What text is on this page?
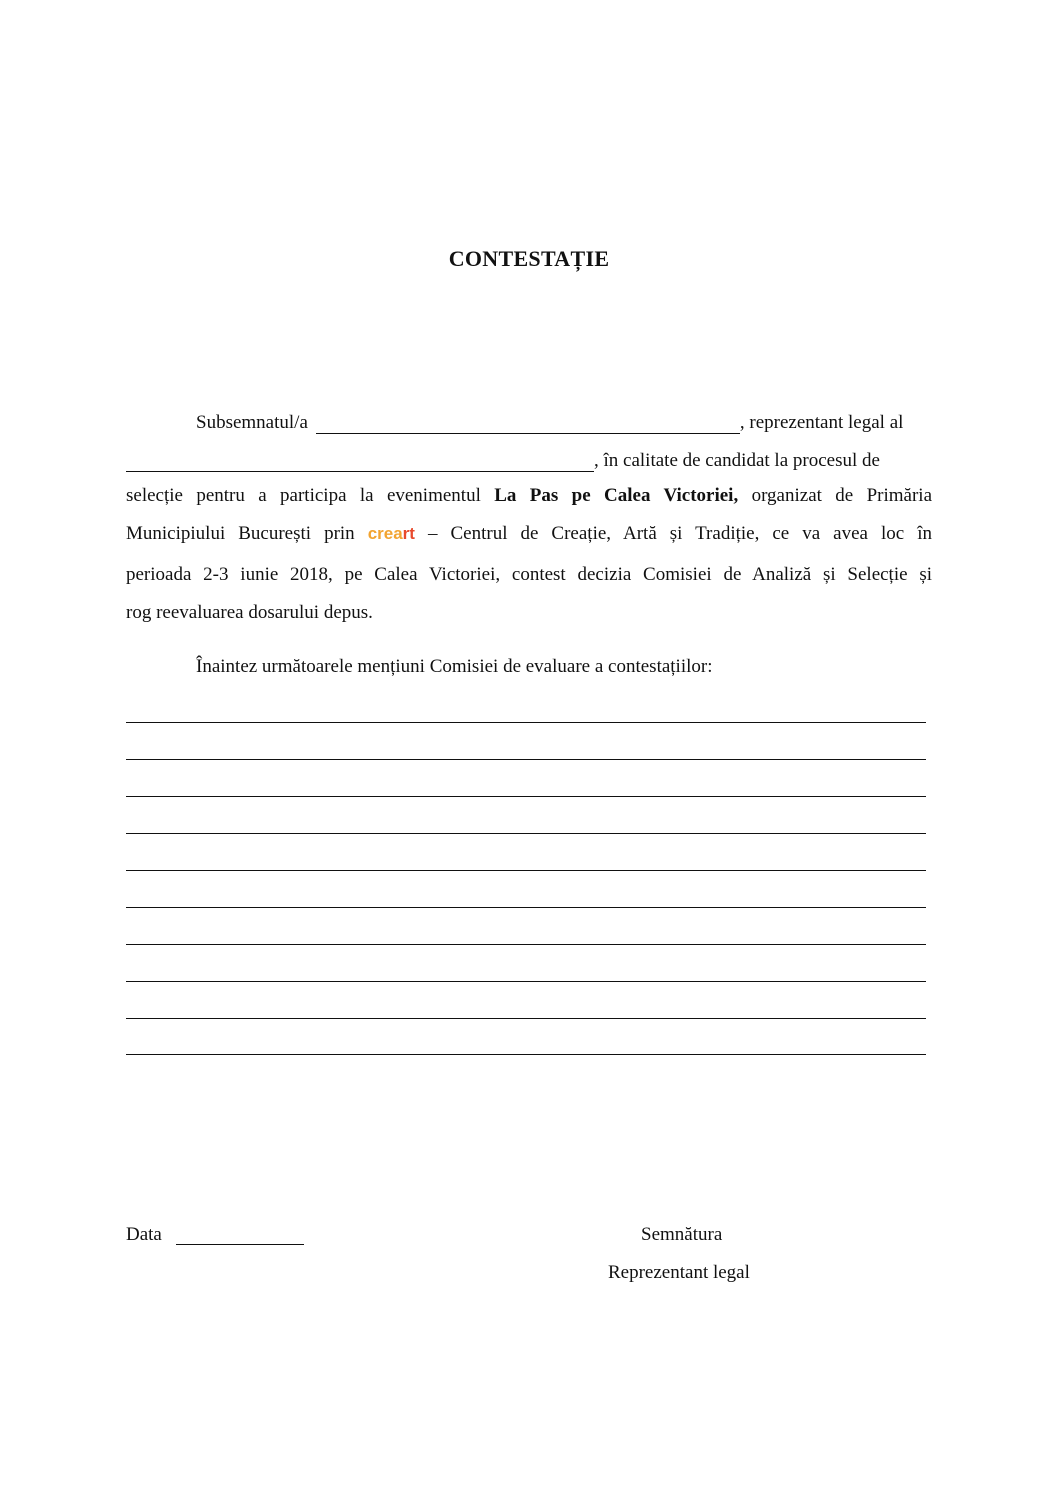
CONTESTAȚIE
Subsemnatul/a	, reprezentant legal al
, în calitate de candidat la procesul de
selecție pentru a participa la evenimentul La Pas pe Calea Victoriei, organizat de Primăria
Municipiului București prin creart – Centrul de Creație, Artă și Tradiție, ce va avea loc în
perioada 2-3 iunie 2018, pe Calea Victoriei, contest decizia Comisiei de Analiză și Selecție și
rog reevaluarea dosarului depus.
Înaintez următoarele mențiuni Comisiei de evaluare a contestațiilor:
Data	Semnătura
Reprezentant legal
